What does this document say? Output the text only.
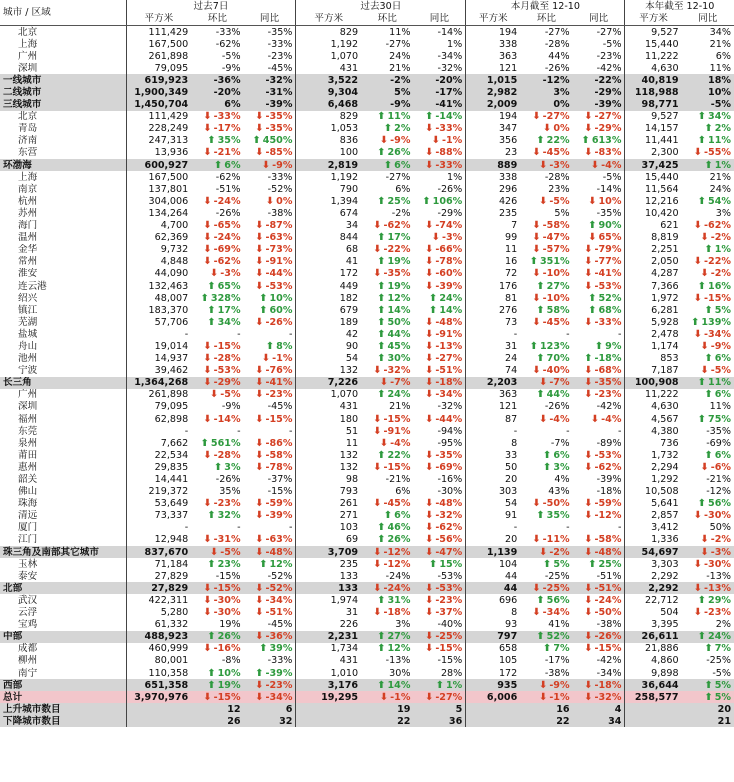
城市 / 区域	过去7日			过去30日			本月截至 12-10			本年截至 12-10	
	平方米	环比	同比	平方米	环比	同比	平方米	环比	同比	平方米	同比
北京	111,429	-33%	-35%	829	11%	-14%	194	-27%	-27%	9,527	34%
上海	167,500	-62%	-33%	1,192	-27%	1%	338	-28%	-5%	15,440	21%
广州	261,898	-5%	-23%	1,070	24%	-34%	363	44%	-23%	11,222	6%
深圳	79,095	-9%	-45%	431	21%	-32%	121	-26%	-42%	4,630	11%
一线城市	619,923	-36%	-32%	3,522	-2%	-20%	1,015	-12%	-22%	40,819	18%
二线城市	1,900,349	-20%	-31%	9,304	5%	-17%	2,982	3%	-29%	118,988	10%
三线城市	1,450,704	6%	-39%	6,468	-9%	-41%	2,009	0%	-39%	98,771	-5%
北京	111,429	⬇ -33%	⬇ -35%	829	⬆ 11%	⬆ -14%	194	⬇ -27%	⬇ -27%	9,527	⬆ 34%
青岛	228,249	⬇ -17%	⬇ -35%	1,053	⬆ 2%	⬇ -33%	347	⬇ 0%	⬇ -29%	14,157	⬆ 2%
济南	247,313	⬆ 35%	⬆ 450%	836	⬇ -9%	⬇ -1%	356	⬆ 22%	⬆ 613%	11,441	⬆ 11%
东营	13,936	⬇ -21%	⬇ -85%	100	⬆ 26%	⬇ -88%	23	⬇ -45%	⬇ -83%	2,300	⬇ -55%
环渤海	600,927	⬆ 6%	⬇ -9%	2,819	⬆ 6%	⬇ -33%	889	⬇ -3%	⬇ -4%	37,425	⬆ 1%
上海	167,500	-62%	-33%	1,192	-27%	1%	338	-28%	-5%	15,440	21%
南京	137,801	-51%	-52%	790	6%	-26%	296	23%	-14%	11,564	24%
杭州	304,006	⬇ -24%	⬇ 0%	1,394	⬆ 25%	⬆ 106%	426	⬇ -5%	⬇ 10%	12,216	⬆ 54%
苏州	134,264	-26%	-38%	674	-2%	-29%	235	5%	-35%	10,420	3%
海门	4,700	⬇ -65%	⬇ -87%	34	⬇ -62%	⬇ -74%	7	⬇ -58%	⬆ 90%	621	⬇ -62%
温州	62,369	⬇ -24%	⬇ -63%	844	⬆ 17%	⬇ -3%	99	⬇ -47%	⬇ 65%	8,819	⬇ -2%
金华	9,732	⬇ -69%	⬇ -73%	68	⬇ -22%	⬇ -66%	11	⬇ -57%	⬇ -79%	2,251	⬆ 1%
常州	4,848	⬇ -62%	⬇ -91%	41	⬆ 19%	⬇ -78%	16	⬆ 351%	⬇ -77%	2,050	⬇ -22%
淮安	44,090	⬇ -3%	⬇ -44%	172	⬇ -35%	⬇ -60%	72	⬇ -10%	⬇ -41%	4,287	⬇ -2%
连云港	132,463	⬆ 65%	⬇ -53%	449	⬆ 19%	⬇ -39%	176	⬆ 27%	⬇ -53%	7,366	⬆ 16%
绍兴	48,007	⬆ 328%	⬆ 10%	182	⬆ 12%	⬆ 24%	81	⬇ -10%	⬆ 52%	1,972	⬇ -15%
镇江	183,370	⬆ 17%	⬆ 60%	679	⬆ 14%	⬆ 14%	276	⬆ 58%	⬆ 68%	6,281	⬆ 5%
芜湖	57,706	⬆ 34%	⬇ -26%	189	⬆ 50%	⬇ -48%	73	⬇ -45%	⬇ -33%	5,928	⬆ 139%
盐城	-	-	-	42	⬆ 44%	⬇ -91%	-	-	-	2,478	⬇ -34%
舟山	19,014	⬇ -15%	⬆ 8%	90	⬆ 45%	⬇ -13%	31	⬆ 123%	⬆ 9%	1,174	⬇ -9%
池州	14,937	⬇ -28%	⬇ -1%	54	⬆ 30%	⬇ -27%	24	⬆ 70%	⬆ -18%	853	⬆ 6%
宁波	39,462	⬇ -53%	⬇ -76%	132	⬇ -32%	⬇ -51%	74	⬇ -40%	⬇ -68%	7,187	⬇ -5%
长三角	1,364,268	⬇ -29%	⬇ -41%	7,226	⬇ -7%	⬇ -18%	2,203	⬇ -7%	⬇ -35%	100,908	⬆ 11%
广州	261,898	⬇ -5%	⬇ -23%	1,070	⬆ 24%	⬇ -34%	363	⬆ 44%	⬇ -23%	11,222	⬆ 6%
深圳	79,095	-9%	-45%	431	21%	-32%	121	-26%	-42%	4,630	11%
福州	62,898	⬇ -14%	⬇ -15%	180	⬇ -15%	⬇ -44%	87	⬇ -4%	⬇ -4%	4,567	⬆ 75%
东莞	-	-	-	51	⬇ -91%	-94%	-	-	-	4,380	-35%
泉州	7,662	⬆ 561%	⬇ -86%	11	⬇ -4%	-95%	8	-7%	-89%	736	-69%
莆田	22,534	⬇ -28%	⬇ -58%	132	⬆ 22%	⬇ -35%	33	⬆ 6%	⬇ -53%	1,732	⬆ 6%
惠州	29,835	⬆ 3%	⬇ -78%	132	⬇ -15%	⬇ -69%	50	⬆ 3%	⬇ -62%	2,294	⬇ -6%
韶关	14,441	-26%	-37%	98	-21%	-16%	20	4%	-39%	1,292	-21%
佛山	219,372	35%	-15%	793	6%	-30%	303	43%	-18%	10,508	-12%
珠海	53,649	⬇ -23%	⬇ -59%	261	⬇ -45%	⬇ -48%	54	⬇ -50%	⬇ -59%	5,641	⬆ 56%
清远	73,337	⬆ 32%	⬇ -39%	271	⬆ 6%	⬇ -32%	91	⬆ 35%	⬇ -12%	2,857	⬇ -30%
厦门	-	-	-	103	⬆ 46%	⬇ -62%	-	-	-	3,412	50%
江门	12,948	⬇ -31%	⬇ -63%	69	⬆ 26%	⬇ -56%	20	⬇ -11%	⬇ -58%	1,336	⬇ -2%
珠三角及南部其它城市	837,670	⬇ -5%	⬇ -48%	3,709	⬇ -12%	⬇ -47%	1,139	⬇ -2%	⬇ -48%	54,697	⬇ -3%
玉林	71,184	⬆ 23%	⬆ 12%	235	⬇ -12%	⬆ 15%	104	⬆ 5%	⬆ 25%	3,303	⬇ -30%
泰安	27,829	-15%	-52%	133	-24%	-53%	44	-25%	-51%	2,292	-13%
北部	27,829	⬇ -15%	⬇ -52%	133	⬇ -24%	⬇ -53%	44	⬇ -25%	⬇ -51%	2,292	⬇ -13%
武汉	422,311	⬇ -30%	⬇ -34%	1,974	⬆ 31%	⬇ -23%	696	⬆ 56%	⬇ -24%	22,712	⬆ 29%
云浮	5,280	⬇ -30%	⬇ -51%	31	⬇ -18%	⬇ -37%	8	⬇ -34%	⬇ -50%	504	⬇ -23%
宝鸡	61,332	19%	-45%	226	3%	-40%	93	41%	-38%	3,395	2%
中部	488,923	⬆ 26%	⬇ -36%	2,231	⬆ 27%	⬇ -25%	797	⬆ 52%	⬇ -26%	26,611	⬆ 24%
成都	460,999	⬇ -16%	⬆ 39%	1,734	⬆ 12%	⬇ -15%	658	⬆ 7%	⬇ -15%	21,886	⬆ 7%
柳州	80,001	-8%	-33%	431	-13%	-15%	105	-17%	-42%	4,860	-25%
南宁	110,358	⬆ 10%	⬆ -39%	1,010	30%	28%	172	-38%	-34%	9,898	-5%
西部	651,358	⬆ 19%	⬇ -23%	3,176	⬆ 14%	⬆ 1%	935	⬇ -9%	⬇ -18%	36,644	⬆ 5%
总计	3,970,976	⬇ -15%	⬇ -34%	19,295	⬇ -1%	⬇ -27%	6,006	⬇ -1%	⬇ -32%	258,577	⬆ 5%
上升城市数目		12	6		19	5		16	4		20
下降城市数目		26	32		22	36		22	34		21
